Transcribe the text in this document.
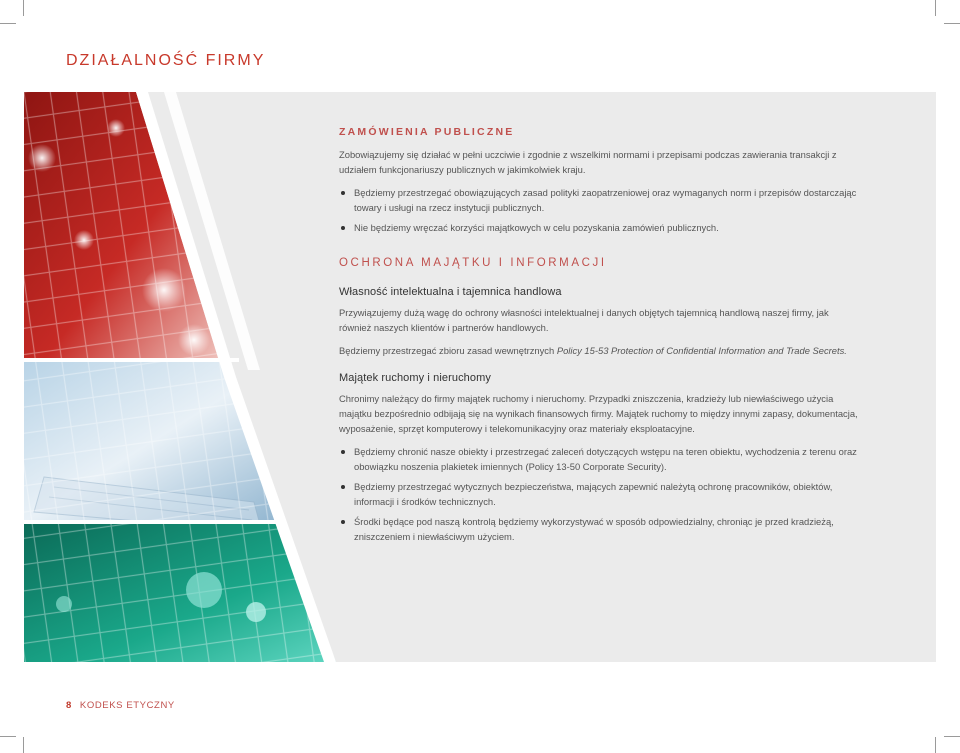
DZIAŁALNOŚĆ FIRMY
ZAMÓWIENIA PUBLICZNE

Zobowiązujemy się działać w pełni uczciwie i zgodnie z wszelkimi normami i przepisami podczas zawierania transakcji z udziałem funkcjonariuszy publicznych w jakimkolwiek kraju.

Będziemy przestrzegać obowiązujących zasad polityki zaopatrzeniowej oraz wymaganych norm i przepisów dostarczając towary i usługi na rzecz instytucji publicznych.
Nie będziemy wręczać korzyści majątkowych w celu pozyskania zamówień publicznych.
OCHRONA MAJĄTKU I INFORMACJI
Własność intelektualna i tajemnica handlowa

Przywiązujemy dużą wagę do ochrony własności intelektualnej i danych objętych tajemnicą handlową naszej firmy, jak również naszych klientów i partnerów handlowych.

Będziemy przestrzegać zbioru zasad wewnętrznych Policy 15-53 Protection of Confidential Information and Trade Secrets.

Majątek ruchomy i nieruchomy

Chronimy należący do firmy majątek ruchomy i nieruchomy. Przypadki zniszczenia, kradzieży lub niewłaściwego użycia majątku bezpośrednio odbijają się na wynikach finansowych firmy. Majątek ruchomy to między innymi zapasy, dokumentacja, wyposażenie, sprzęt komputerowy i telekomunikacyjny oraz materiały eksploatacyjne.

Będziemy chronić nasze obiekty i przestrzegać zaleceń dotyczących wstępu na teren obiektu, wychodzenia z terenu oraz obowiązku noszenia plakietek imiennych (Policy 13-50 Corporate Security).
Będziemy przestrzegać wytycznych bezpieczeństwa, mających zapewnić należytą ochronę pracowników, obiektów, informacji i środków technicznych.
Środki będące pod naszą kontrolą będziemy wykorzystywać w sposób odpowiedzialny, chroniąc je przed kradzieżą, zniszczeniem i niewłaściwym użyciem.
8 KODEKS ETYCZNY
